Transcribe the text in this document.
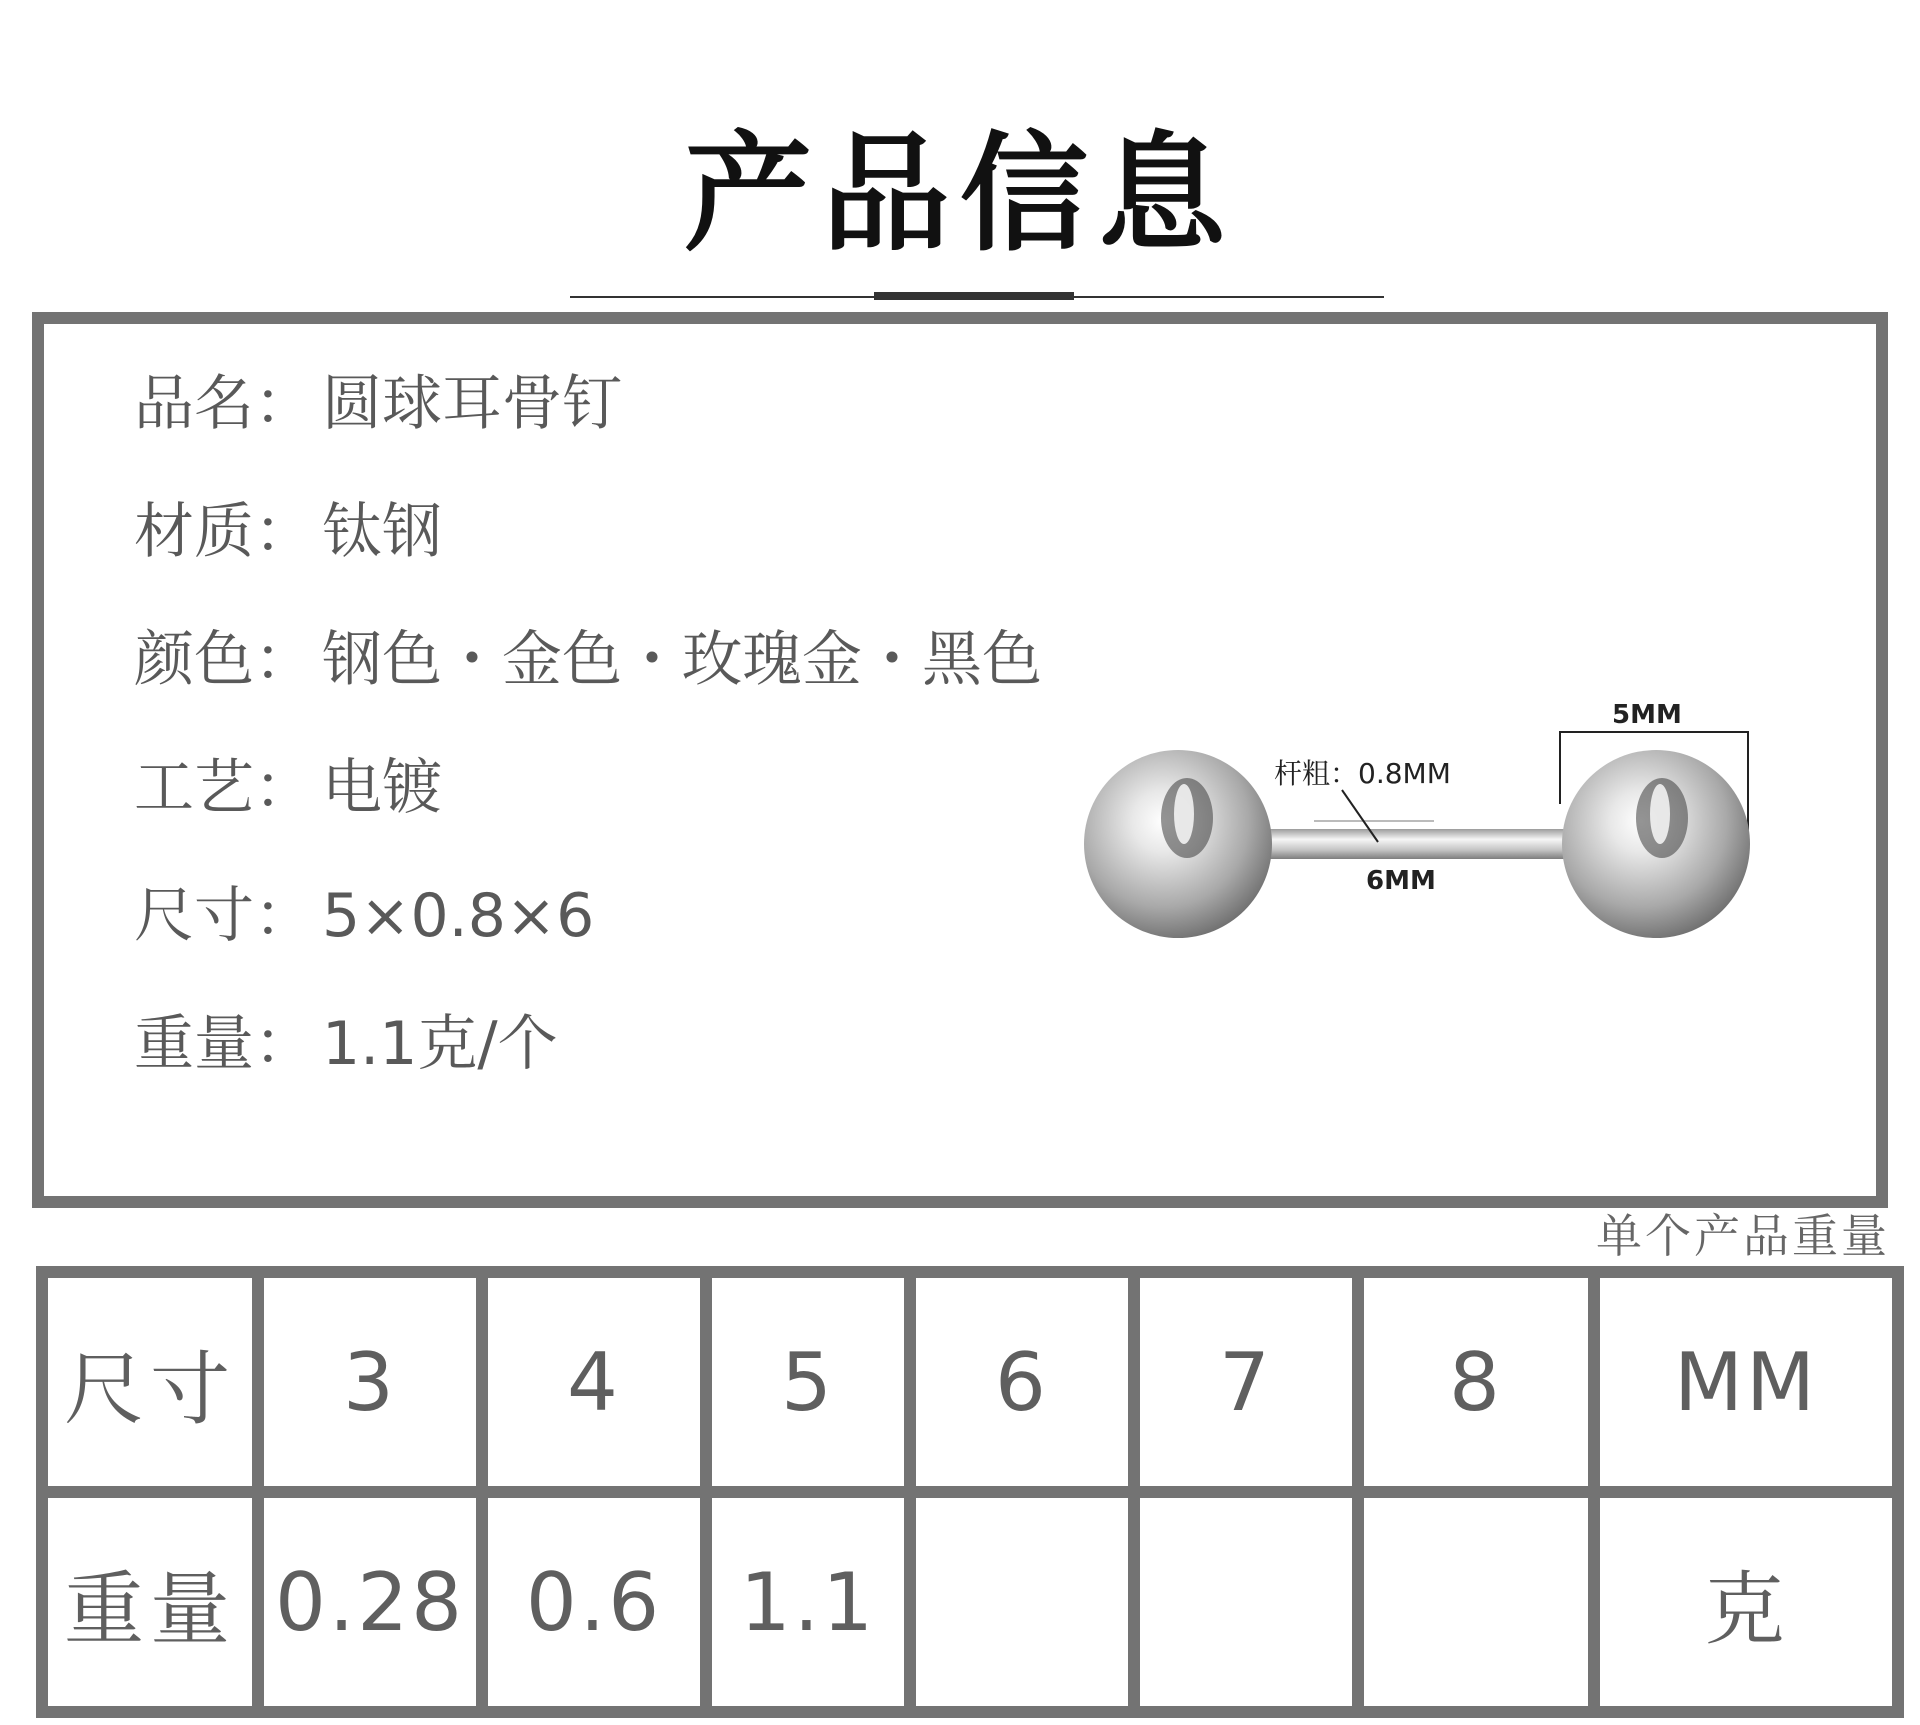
产品信息
品名： 圆球耳骨钉
材质： 钛钢
颜色： 钢色・金色・玫瑰金・黑色
工艺： 电镀
尺寸： 5×0.8×6
重量： 1.1克/个
5MM
杆粗：0.8MM
6MM
单个产品重量
尺寸	3	4	5	6	7	8	MM
重量	0.28	0.6	1.1				克
